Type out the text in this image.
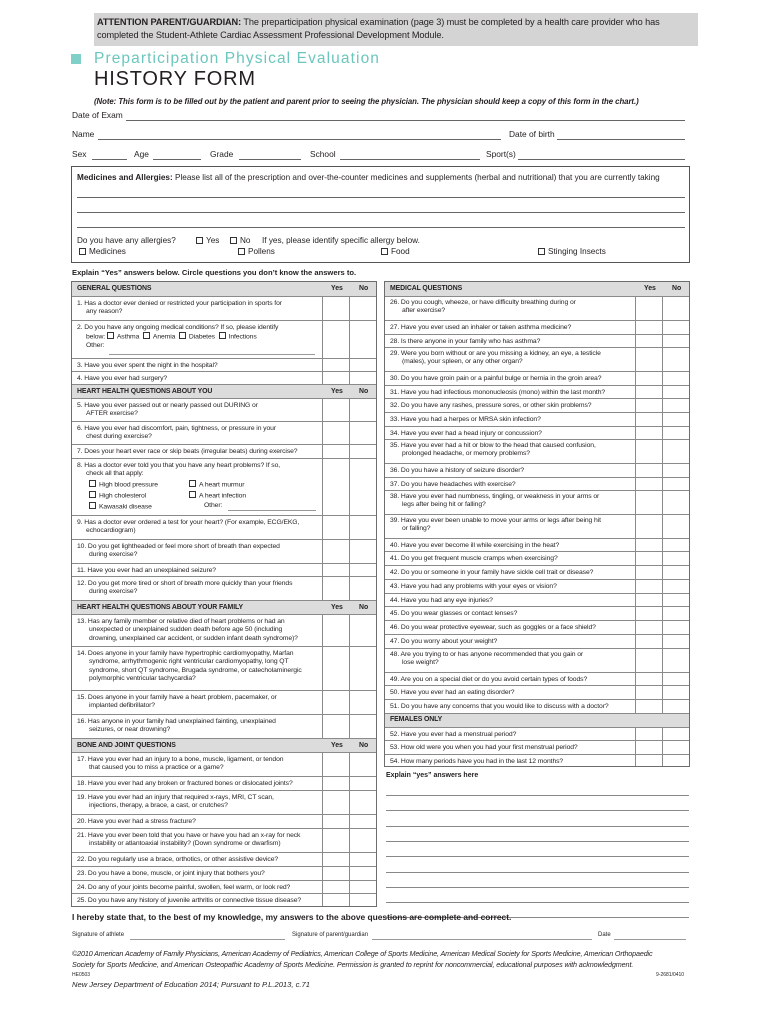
ATTENTION PARENT/GUARDIAN: The preparticipation physical examination (page 3) must be completed by a health care provider who has completed the Student-Athlete Cardiac Assessment Professional Development Module.
Preparticipation Physical Evaluation
HISTORY FORM
(Note: This form is to be filled out by the patient and parent prior to seeing the physician. The physician should keep a copy of this form in the chart.)
Date of Exam
Name	Date of birth
Sex	Age	Grade	School	Sport(s)
Medicines and Allergies: Please list all of the prescription and over-the-counter medicines and supplements (herbal and nutritional) that you are currently taking
Do you have any allergies?	Yes	No If yes, please identify specific allergy below.
Medicines	Pollens	Food	Stinging Insects
Explain “Yes” answers below. Circle questions you don’t know the answers to.
GENERAL QUESTIONS	Yes No
1. Has a doctor ever denied or restricted your participation in sports for
any reason?
2. Do you have any ongoing medical conditions? If so, please identify
below: Asthma Anemia Diabetes Infections
Other:
3. Have you ever spent the night in the hospital?
4. Have you ever had surgery?
HEART HEALTH QUESTIONS ABOUT YOU	Yes No
5. Have you ever passed out or nearly passed out DURING or
AFTER exercise?
6. Have you ever had discomfort, pain, tightness, or pressure in your
chest during exercise?
7. Does your heart ever race or skip beats (irregular beats) during exercise?
8. Has a doctor ever told you that you have any heart problems? If so,
check all that apply:
High blood pressure	A heart murmur
High cholesterol	A heart infection
Kawasaki disease	Other:
9. Has a doctor ever ordered a test for your heart? (For example, ECG/EKG,
echocardiogram)
10. Do you get lightheaded or feel more short of breath than expected
during exercise?
11. Have you ever had an unexplained seizure?
12. Do you get more tired or short of breath more quickly than your friends
during exercise?
HEART HEALTH QUESTIONS ABOUT YOUR FAMILY	Yes No
13. Has any family member or relative died of heart problems or had an
unexpected or unexplained sudden death before age 50 (including
drowning, unexplained car accident, or sudden infant death syndrome)?
14. Does anyone in your family have hypertrophic cardiomyopathy, Marfan
syndrome, arrhythmogenic right ventricular cardiomyopathy, long QT
syndrome, short QT syndrome, Brugada syndrome, or catecholaminergic
polymorphic ventricular tachycardia?
15. Does anyone in your family have a heart problem, pacemaker, or
implanted defibrillator?
16. Has anyone in your family had unexplained fainting, unexplained
seizures, or near drowning?
BONE AND JOINT QUESTIONS	Yes No
17. Have you ever had an injury to a bone, muscle, ligament, or tendon
that caused you to miss a practice or a game?
18. Have you ever had any broken or fractured bones or dislocated joints?
19. Have you ever had an injury that required x-rays, MRI, CT scan,
injections, therapy, a brace, a cast, or crutches?
20. Have you ever had a stress fracture?
21. Have you ever been told that you have or have you had an x-ray for neck
instability or atlantoaxial instability? (Down syndrome or dwarfism)
22. Do you regularly use a brace, orthotics, or other assistive device?
23. Do you have a bone, muscle, or joint injury that bothers you?
24. Do any of your joints become painful, swollen, feel warm, or look red?
25. Do you have any history of juvenile arthritis or connective tissue disease?
MEDICAL QUESTIONS	Yes No
26. Do you cough, wheeze, or have difficulty breathing during or
after exercise?
27. Have you ever used an inhaler or taken asthma medicine?
28. Is there anyone in your family who has asthma?
29. Were you born without or are you missing a kidney, an eye, a testicle
(males), your spleen, or any other organ?
30. Do you have groin pain or a painful bulge or hernia in the groin area?
31. Have you had infectious mononucleosis (mono) within the last month?
32. Do you have any rashes, pressure sores, or other skin problems?
33. Have you had a herpes or MRSA skin infection?
34. Have you ever had a head injury or concussion?
35. Have you ever had a hit or blow to the head that caused confusion,
prolonged headache, or memory problems?
36. Do you have a history of seizure disorder?
37. Do you have headaches with exercise?
38. Have you ever had numbness, tingling, or weakness in your arms or
legs after being hit or falling?
39. Have you ever been unable to move your arms or legs after being hit
or falling?
40. Have you ever become ill while exercising in the heat?
41. Do you get frequent muscle cramps when exercising?
42. Do you or someone in your family have sickle cell trait or disease?
43. Have you had any problems with your eyes or vision?
44. Have you had any eye injuries?
45. Do you wear glasses or contact lenses?
46. Do you wear protective eyewear, such as goggles or a face shield?
47. Do you worry about your weight?
48. Are you trying to or has anyone recommended that you gain or
lose weight?
49. Are you on a special diet or do you avoid certain types of foods?
50. Have you ever had an eating disorder?
51. Do you have any concerns that you would like to discuss with a doctor?
FEMALES ONLY
52. Have you ever had a menstrual period?
53. How old were you when you had your first menstrual period?
54. How many periods have you had in the last 12 months?
Explain “yes” answers here
I hereby state that, to the best of my knowledge, my answers to the above questions are complete and correct.
Signature of athlete	Signature of parent/guardian	Date
©2010 American Academy of Family Physicians, American Academy of Pediatrics, American College of Sports Medicine, American Medical Society for Sports Medicine, American Orthopaedic
Society for Sports Medicine, and American Osteopathic Academy of Sports Medicine. Permission is granted to reprint for noncommercial, educational purposes with acknowledgment.
HE0503	9-2681/0410
New Jersey Department of Education 2014; Pursuant to P.L.2013, c.71
